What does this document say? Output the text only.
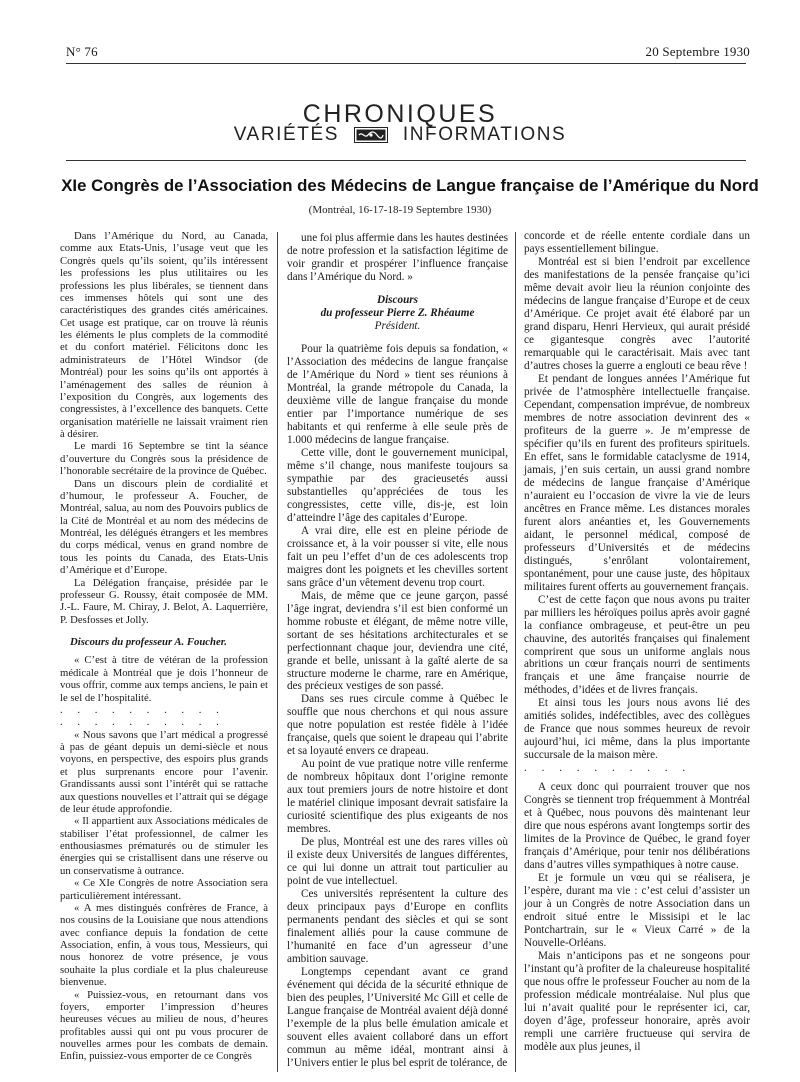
N° 76	20 Septembre 1930
CHRONIQUES
VARIÉTÉS	INFORMATIONS
XIe Congrès de l’Association des Médecins de Langue française de l’Amérique du Nord
(Montréal, 16-17-18-19 Septembre 1930)

Dans l’Amérique du Nord, au Canada, comme aux Etats-Unis, l’usage veut que les Congrès quels qu’ils soient, qu’ils intéressent les professions les plus utilitaires ou les professions les plus libérales, se tiennent dans ces immenses hôtels qui sont une des caractéristiques des grandes cités américaines. Cet usage est pratique, car on trouve là réunis les éléments le plus complets de la commodité et du confort matériel. Félicitons donc les administrateurs de l’Hôtel Windsor (de Montréal) pour les soins qu’ils ont apportés à l’aménagement des salles de réunion à l’exposition du Congrès, aux logements des congressistes, à l’excellence des banquets. Cette organisation matérielle ne laissait vraiment rien à désirer.

Le mardi 16 Septembre se tint la séance d’ouverture du Congrès sous la présidence de l’honorable secrétaire de la province de Québec.

Dans un discours plein de cordialité et d’humour, le professeur A. Foucher, de Montréal, salua, au nom des Pouvoirs publics de la Cité de Montréal et au nom des médecins de Montréal, les délégués étrangers et les membres du corps médical, venus en grand nombre de tous les points du Canada, des Etats-Unis d’Amérique et d’Europe.

La Délégation française, présidée par le professeur G. Roussy, était composée de MM. J.-L. Faure, M. Chiray, J. Belot, A. Laquerrière, P. Desfosses et Jolly.

Discours du professeur A. Foucher.

« C’est à titre de vétéran de la profession médicale à Montréal que je dois l’honneur de vous offrir, comme aux temps anciens, le pain et le sel de l’hospitalité.

. . . . . . . . . .

. . . . . . . . . .

« Nous savons que l’art médical a progressé à pas de géant depuis un demi-siècle et nous voyons, en perspective, des espoirs plus grands et plus surprenants encore pour l’avenir. Grandissants aussi sont l’intérêt qui se rattache aux questions nouvelles et l’attrait qui se dégage de leur étude approfondie.

« Il appartient aux Associations médicales de stabiliser l’état professionnel, de calmer les enthousiasmes prématurés ou de stimuler les énergies qui se cristallisent dans une réserve ou un conservatisme à outrance.

« Ce XIe Congrès de notre Association sera particulièrement intéressant.

« A mes distingués confrères de France, à nos cousins de la Louisiane que nous attendions avec confiance depuis la fondation de cette Association, enfin, à vous tous, Messieurs, qui nous honorez de votre présence, je vous souhaite la plus cordiale et la plus chaleureuse bienvenue.

« Puissiez-vous, en retournant dans vos foyers, emporter l’impression d’heures heureuses vécues au milieu de nous, d’heures profitables aussi qui ont pu vous procurer de nouvelles armes pour les combats de demain. Enfin, puissiez-vous emporter de ce Congrès

une foi plus affermie dans les hautes destinées de notre profession et la satisfaction légitime de voir grandir et prospérer l’influence française dans l’Amérique du Nord. »

Discours

du professeur Pierre Z. Rhéaume

Président.

Pour la quatrième fois depuis sa fondation, « l’Association des médecins de langue française de l’Amérique du Nord » tient ses réunions à Montréal, la grande métropole du Canada, la deuxième ville de langue française du monde entier par l’importance numérique de ses habitants et qui renferme à elle seule près de 1.000 médecins de langue française.

Cette ville, dont le gouvernement municipal, même s’il change, nous manifeste toujours sa sympathie par des gracieusetés aussi substantielles qu’appréciées de tous les congressistes, cette ville, dis-je, est loin d’atteindre l’âge des capitales d’Europe.

A vrai dire, elle est en pleine période de croissance et, à la voir pousser si vite, elle nous fait un peu l’effet d’un de ces adolescents trop maigres dont les poignets et les chevilles sortent sans grâce d’un vêtement devenu trop court.

Mais, de même que ce jeune garçon, passé l’âge ingrat, deviendra s’il est bien conformé un homme robuste et élégant, de même notre ville, sortant de ses hésitations architecturales et se perfectionnant chaque jour, deviendra une cité, grande et belle, unissant à la gaîté alerte de sa structure moderne le charme, rare en Amérique, des précieux vestiges de son passé.

Dans ses rues circule comme à Québec le souffle que nous cherchons et qui nous assure que notre population est restée fidèle à l’idée française, quels que soient le drapeau qui l’abrite et sa loyauté envers ce drapeau.

Au point de vue pratique notre ville renferme de nombreux hôpitaux dont l’origine remonte aux tout premiers jours de notre histoire et dont le matériel clinique imposant devrait satisfaire la curiosité scientifique des plus exigeants de nos membres.

De plus, Montréal est une des rares villes où il existe deux Universités de langues différentes, ce qui lui donne un attrait tout particulier au point de vue intellectuel.

Ces universités représentent la culture des deux principaux pays d’Europe en conflits permanents pendant des siècles et qui se sont finalement alliés pour la cause commune de l’humanité en face d’un agresseur d’une ambition sauvage.

Longtemps cependant avant ce grand événement qui décida de la sécurité ethnique de bien des peuples, l’Université Mc Gill et celle de Langue française de Montréal avaient déjà donné l’exemple de la plus belle émulation amicale et souvent elles avaient collaboré dans un effort commun au même idéal, montrant ainsi à l’Univers entier le plus bel esprit de tolérance, de

concorde et de réelle entente cordiale dans un pays essentiellement bilingue.

Montréal est si bien l’endroit par excellence des manifestations de la pensée française qu’ici même devait avoir lieu la réunion conjointe des médecins de langue française d’Europe et de ceux d’Amérique. Ce projet avait été élaboré par un grand disparu, Henri Hervieux, qui aurait présidé ce gigantesque congrès avec l’autorité remarquable qui le caractérisait. Mais avec tant d’autres choses la guerre a englouti ce beau rêve !

Et pendant de longues années l’Amérique fut privée de l’atmosphère intellectuelle française. Cependant, compensation imprévue, de nombreux membres de notre association devinrent des « profiteurs de la guerre ». Je m’empresse de spécifier qu’ils en furent des profiteurs spirituels. En effet, sans le formidable cataclysme de 1914, jamais, j’en suis certain, un aussi grand nombre de médecins de langue française d’Amérique n’auraient eu l’occasion de vivre la vie de leurs ancêtres en France même. Les distances morales furent alors anéanties et, les Gouvernements aidant, le personnel médical, composé de professeurs d’Universités et de médecins distingués, s’enrôlant volontairement, spontanément, pour une cause juste, des hôpitaux militaires furent offerts au gouvernement français.

C’est de cette façon que nous avons pu traiter par milliers les héroïques poilus après avoir gagné la confiance ombrageuse, et peut-être un peu chauvine, des autorités françaises qui finalement comprirent que sous un uniforme anglais nous abritions un cœur français nourri de sentiments français et une âme française nourrie de méthodes, d’idées et de livres français.

Et ainsi tous les jours nous avons lié des amitiés solides, indéfectibles, avec des collègues de France que nous sommes heureux de revoir aujourd’hui, ici même, dans la plus importante succursale de la maison mère.

. . . . . . . . . .

A ceux donc qui pourraient trouver que nos Congrès se tiennent trop fréquemment à Montréal et à Québec, nous pouvons dès maintenant leur dire que nous espérons avant longtemps sortir des limites de la Province de Québec, le grand foyer français d’Amérique, pour tenir nos délibérations dans d’autres villes sympathiques à notre cause.

Et je formule un vœu qui se réalisera, je l’espère, durant ma vie : c’est celui d’assister un jour à un Congrès de notre Association dans un endroit situé entre le Missisipi et le lac Pontchartrain, sur le « Vieux Carré » de la Nouvelle-Orléans.

Mais n’anticipons pas et ne songeons pour l’instant qu’à profiter de la chaleureuse hospitalité que nous offre le professeur Foucher au nom de la profession médicale montréalaise. Nul plus que lui n’avait qualité pour le représenter ici, car, doyen d’âge, professeur honoraire, après avoir rempli une carrière fructueuse qui servira de modèle aux plus jeunes, il
